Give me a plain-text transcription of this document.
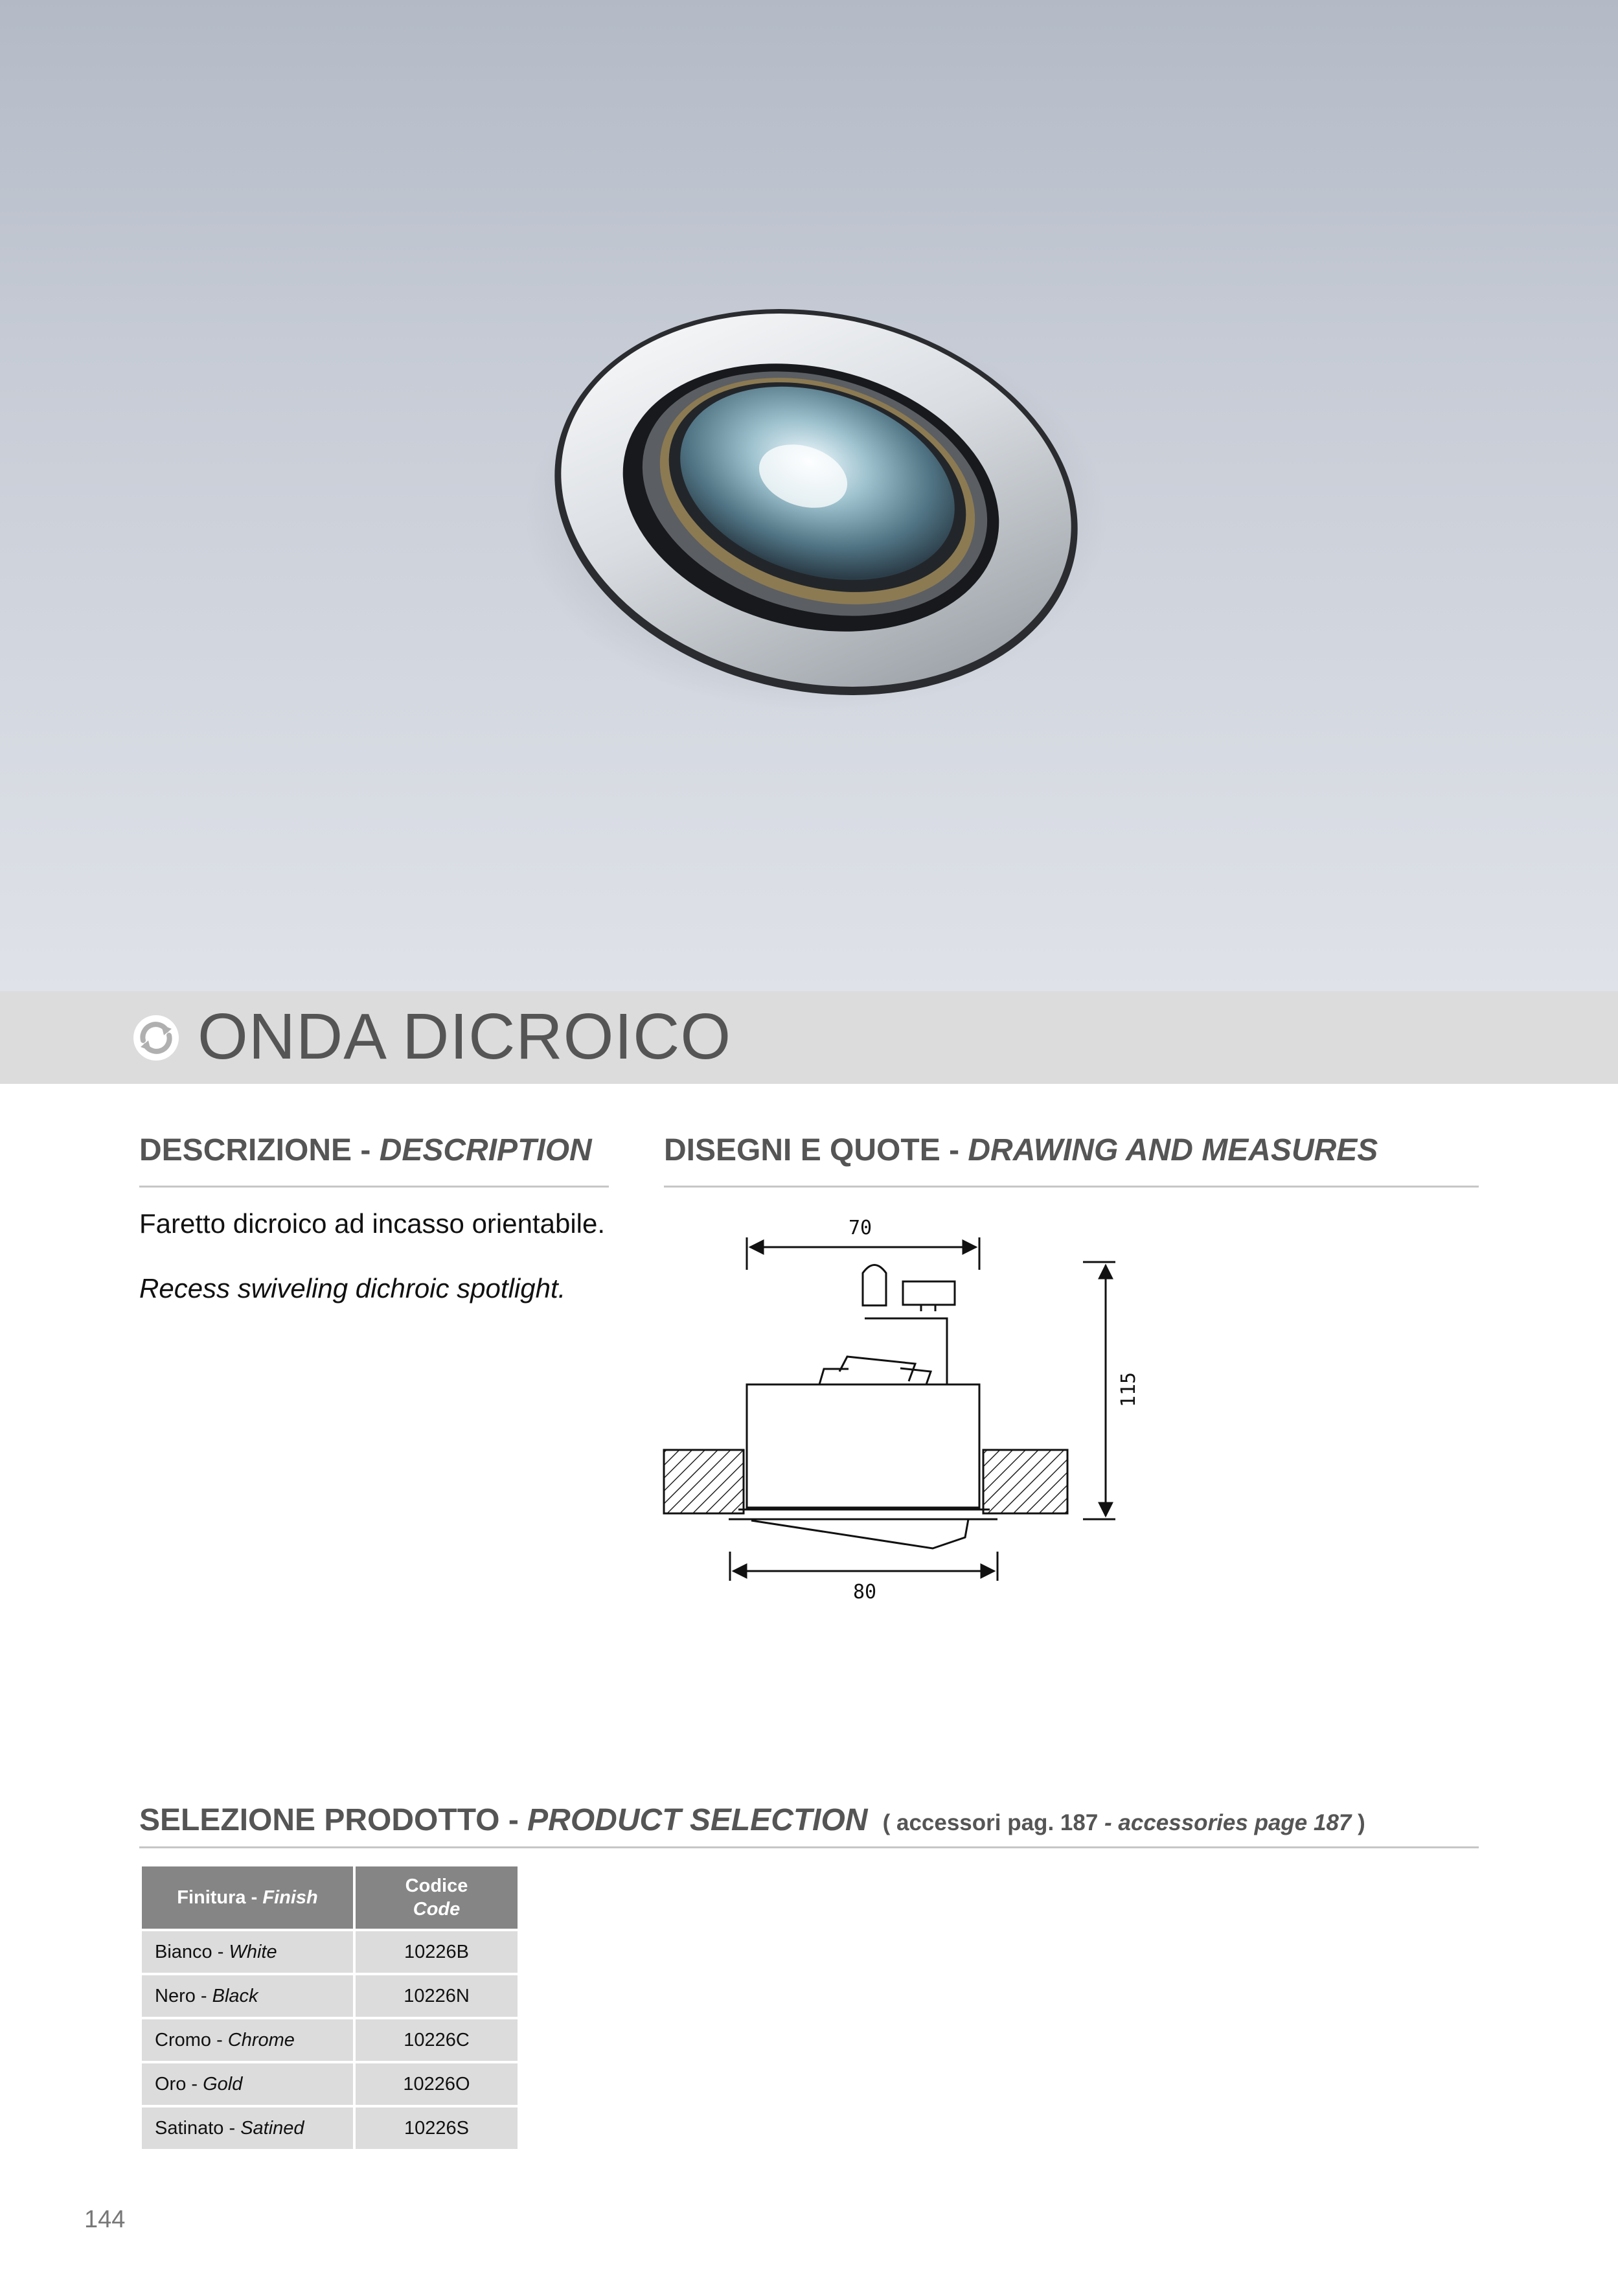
ONDA DICROICO
DESCRIZIONE - DESCRIPTION
Faretto dicroico ad incasso orientabile.
Recess swiveling dichroic spotlight.
DISEGNI E QUOTE - DRAWING AND MEASURES
70
80
115
SELEZIONE PRODOTTO - PRODUCT SELECTION ( accessori pag. 187 - accessories page 187 )
Finitura - Finish	Codice
Code
Bianco - White	10226B
Nero - Black	10226N
Cromo - Chrome	10226C
Oro - Gold	10226O
Satinato - Satined	10226S
144
